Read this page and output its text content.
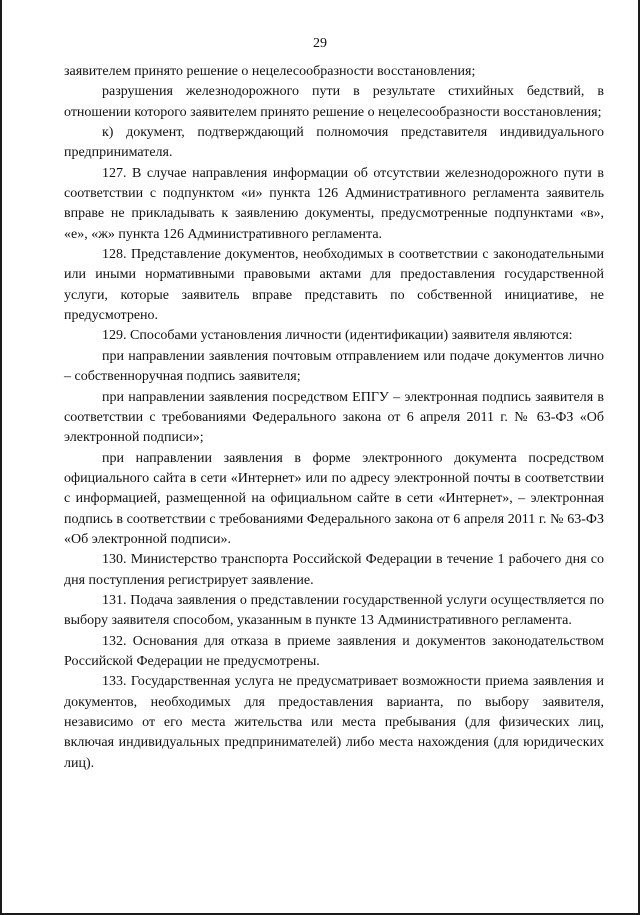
29

заявителем принято решение о нецелесообразности восстановления;

разрушения железнодорожного пути в результате стихийных бедствий, в отношении которого заявителем принято решение о нецелесообразности восстановления;

к) документ, подтверждающий полномочия представителя индивидуального предпринимателя.

127. В случае направления информации об отсутствии железнодорожного пути в соответствии с подпунктом «и» пункта 126 Административного регламента заявитель вправе не прикладывать к заявлению документы, предусмотренные подпунктами «в», «е», «ж» пункта 126 Административного регламента.

128. Представление документов, необходимых в соответствии с законодательными или иными нормативными правовыми актами для предоставления государственной услуги, которые заявитель вправе представить по собственной инициативе, не предусмотрено.

129. Способами установления личности (идентификации) заявителя являются:

при направлении заявления почтовым отправлением или подаче документов лично – собственноручная подпись заявителя;

при направлении заявления посредством ЕПГУ – электронная подпись заявителя в соответствии с требованиями Федерального закона от 6 апреля 2011 г. № 63-ФЗ «Об электронной подписи»;

при направлении заявления в форме электронного документа посредством официального сайта в сети «Интернет» или по адресу электронной почты в соответствии с информацией, размещенной на официальном сайте в сети «Интернет», – электронная подпись в соответствии с требованиями Федерального закона от 6 апреля 2011 г. № 63-ФЗ «Об электронной подписи».

130. Министерство транспорта Российской Федерации в течение 1 рабочего дня со дня поступления регистрирует заявление.

131. Подача заявления о представлении государственной услуги осуществляется по выбору заявителя способом, указанным в пункте 13 Административного регламента.

132. Основания для отказа в приеме заявления и документов законодательством Российской Федерации не предусмотрены.

133. Государственная услуга не предусматривает возможности приема заявления и документов, необходимых для предоставления варианта, по выбору заявителя, независимо от его места жительства или места пребывания (для физических лиц, включая индивидуальных предпринимателей) либо места нахождения (для юридических лиц).
